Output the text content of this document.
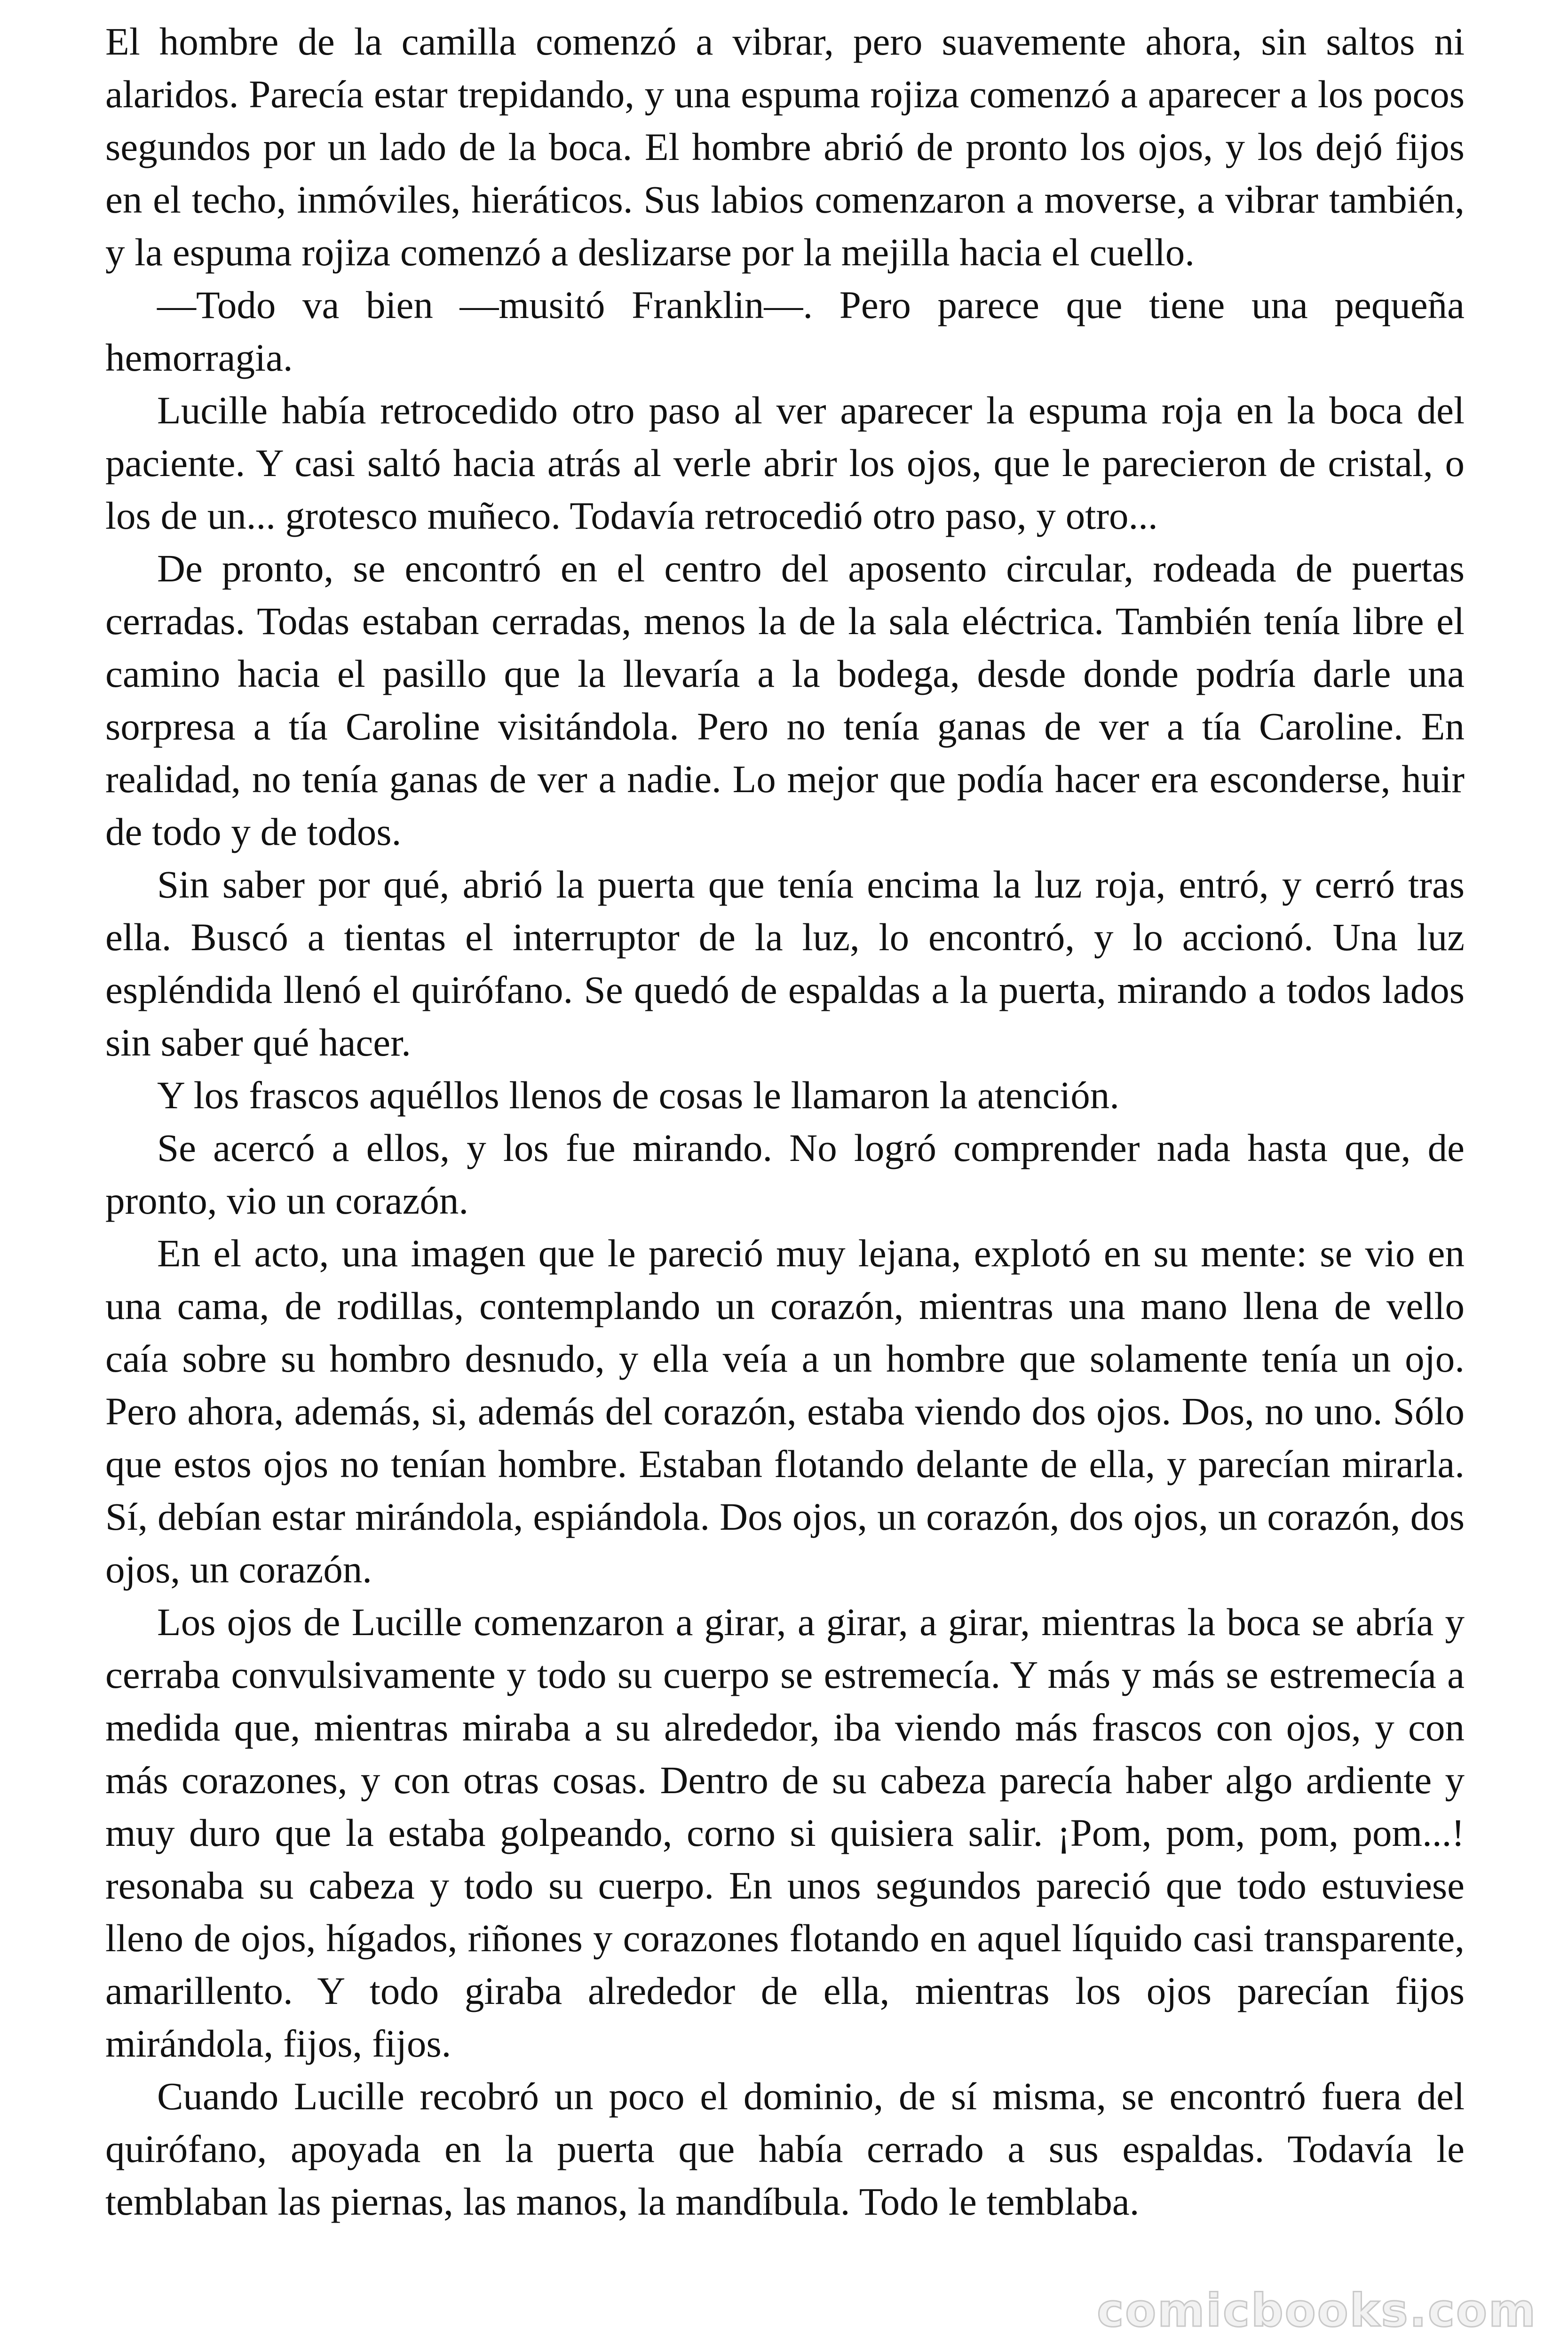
El hombre de la camilla comenzó a vibrar, pero suavemente ahora, sin saltos ni alaridos. Parecía estar trepidando, y una espuma rojiza comenzó a aparecer a los pocos segundos por un lado de la boca. El hombre abrió de pronto los ojos, y los dejó fijos en el techo, inmóviles, hieráticos. Sus labios comenzaron a moverse, a vibrar también, y la espuma rojiza comenzó a deslizarse por la mejilla hacia el cuello.

—Todo va bien —musitó Franklin—. Pero parece que tiene una pequeña hemorragia.

Lucille había retrocedido otro paso al ver aparecer la espuma roja en la boca del paciente. Y casi saltó hacia atrás al verle abrir los ojos, que le parecieron de cristal, o los de un... grotesco muñeco. Todavía retrocedió otro paso, y otro...

De pronto, se encontró en el centro del aposento circular, rodeada de puertas cerradas. Todas estaban cerradas, menos la de la sala eléctrica. También tenía libre el camino hacia el pasillo que la llevaría a la bodega, desde donde podría darle una sorpresa a tía Caroline visitándola. Pero no tenía ganas de ver a tía Caroline. En realidad, no tenía ganas de ver a nadie. Lo mejor que podía hacer era esconderse, huir de todo y de todos.

Sin saber por qué, abrió la puerta que tenía encima la luz roja, entró, y cerró tras ella. Buscó a tientas el interruptor de la luz, lo encontró, y lo accionó. Una luz espléndida llenó el quirófano. Se quedó de espaldas a la puerta, mirando a todos lados sin saber qué hacer.

Y los frascos aquéllos llenos de cosas le llamaron la atención.

Se acercó a ellos, y los fue mirando. No logró comprender nada hasta que, de pronto, vio un corazón.

En el acto, una imagen que le pareció muy lejana, explotó en su mente: se vio en una cama, de rodillas, contemplando un corazón, mientras una mano llena de vello caía sobre su hombro desnudo, y ella veía a un hombre que solamente tenía un ojo. Pero ahora, además, si, además del corazón, estaba viendo dos ojos. Dos, no uno. Sólo que estos ojos no tenían hombre. Estaban flotando delante de ella, y parecían mirarla. Sí, debían estar mirándola, espiándola. Dos ojos, un corazón, dos ojos, un corazón, dos ojos, un corazón.

Los ojos de Lucille comenzaron a girar, a girar, a girar, mientras la boca se abría y cerraba convulsivamente y todo su cuerpo se estremecía. Y más y más se estremecía a medida que, mientras miraba a su alrededor, iba viendo más frascos con ojos, y con más corazones, y con otras cosas. Dentro de su cabeza parecía haber algo ardiente y muy duro que la estaba golpeando, corno si quisiera salir. ¡Pom, pom, pom, pom...! resonaba su cabeza y todo su cuerpo. En unos segundos pareció que todo estuviese lleno de ojos, hígados, riñones y corazones flotando en aquel líquido casi transparente, amarillento. Y todo giraba alrededor de ella, mientras los ojos parecían fijos mirándola, fijos, fijos.

Cuando Lucille recobró un poco el dominio, de sí misma, se encontró fuera del quirófano, apoyada en la puerta que había cerrado a sus espaldas. Todavía le temblaban las piernas, las manos, la mandíbula. Todo le temblaba.

comicbooks.com
